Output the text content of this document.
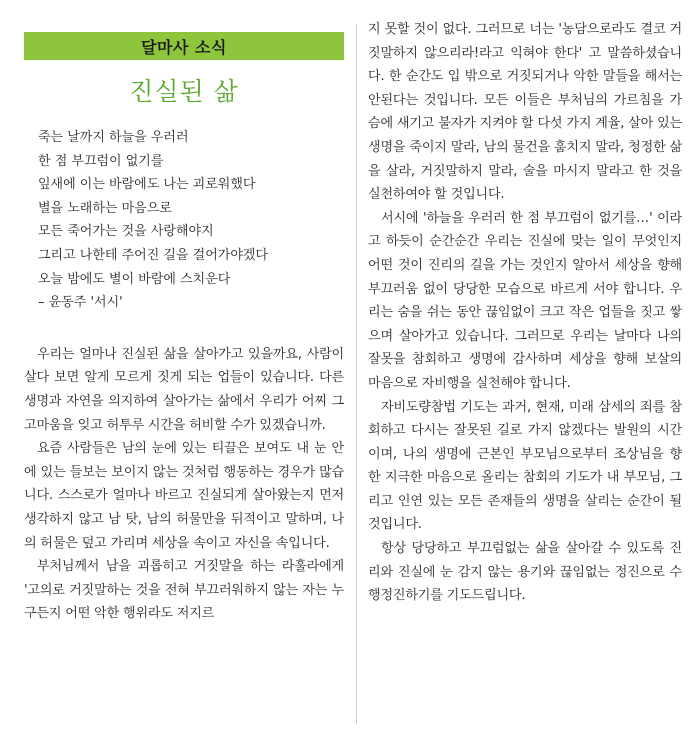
달마사 소식
진실된 삶
죽는 날까지 하늘을 우러러
한 점 부끄럼이 없기를
잎새에 이는 바람에도 나는 괴로워했다
별을 노래하는 마음으로
모든 죽어가는 것을 사랑해야지
그리고 나한테 주어진 길을 걸어가야겠다
오늘 밤에도 별이 바람에 스치운다
– 윤동주 '서시'

우리는 얼마나 진실된 삶을 살아가고 있을까요, 사람이 살다 보면 알게 모르게 짓게 되는 업들이 있습니다. 다른 생명과 자연을 의지하여 살아가는 삶에서 우리가 어찌 그 고마움을 잊고 허투루 시간을 허비할 수가 있겠습니까.

요즘 사람들은 남의 눈에 있는 티끌은 보여도 내 눈 안에 있는 들보는 보이지 않는 것처럼 행동하는 경우가 많습니다. 스스로가 얼마나 바르고 진실되게 살아왔는지 먼저 생각하지 않고 남 탓, 남의 허물만을 뒤적이고 말하며, 나의 허물은 덮고 가리며 세상을 속이고 자신을 속입니다.

부처님께서 남을 괴롭히고 거짓말을 하는 라훌라에게 '고의로 거짓말하는 것을 전혀 부끄러워하지 않는 자는 누구든지 어떤 악한 행위라도 저지르

지 못할 것이 없다. 그러므로 너는 '농담으로라도 결코 거짓말하지 않으리라!라고 익혀야 한다' 고 말씀하셨습니다. 한 순간도 입 밖으로 거짓되거나 악한 말들을 해서는 안된다는 것입니다. 모든 이들은 부처님의 가르침을 가슴에 새기고 불자가 지켜야 할 다섯 가지 계율, 살아 있는 생명을 죽이지 말라, 남의 물건을 훔치지 말라, 청정한 삶을 살라, 거짓말하지 말라, 술을 마시지 말라고 한 것을 실천하여야 할 것입니다.

서시에 '하늘을 우러러 한 점 부끄럼이 없기를…' 이라고 하듯이 순간순간 우리는 진실에 맞는 일이 무엇인지 어떤 것이 진리의 길을 가는 것인지 알아서 세상을 향해 부끄러움 없이 당당한 모습으로 바르게 서야 합니다. 우리는 숨을 쉬는 동안 끊임없이 크고 작은 업들을 짓고 쌓으며 살아가고 있습니다. 그러므로 우리는 날마다 나의 잘못을 참회하고 생명에 감사하며 세상을 향해 보살의 마음으로 자비행을 실천해야 합니다.

자비도량참법 기도는 과거, 현재, 미래 삼세의 죄를 참회하고 다시는 잘못된 길로 가지 않겠다는 발원의 시간이며, 나의 생명에 근본인 부모님으로부터 조상님을 향한 지극한 마음으로 올리는 참회의 기도가 내 부모님, 그리고 인연 있는 모든 존재들의 생명을 살리는 순간이 될 것입니다.

항상 당당하고 부끄럼없는 삶을 살아갈 수 있도록 진리와 진실에 눈 감지 않는 용기와 끊임없는 정진으로 수행정진하기를 기도드립니다.
